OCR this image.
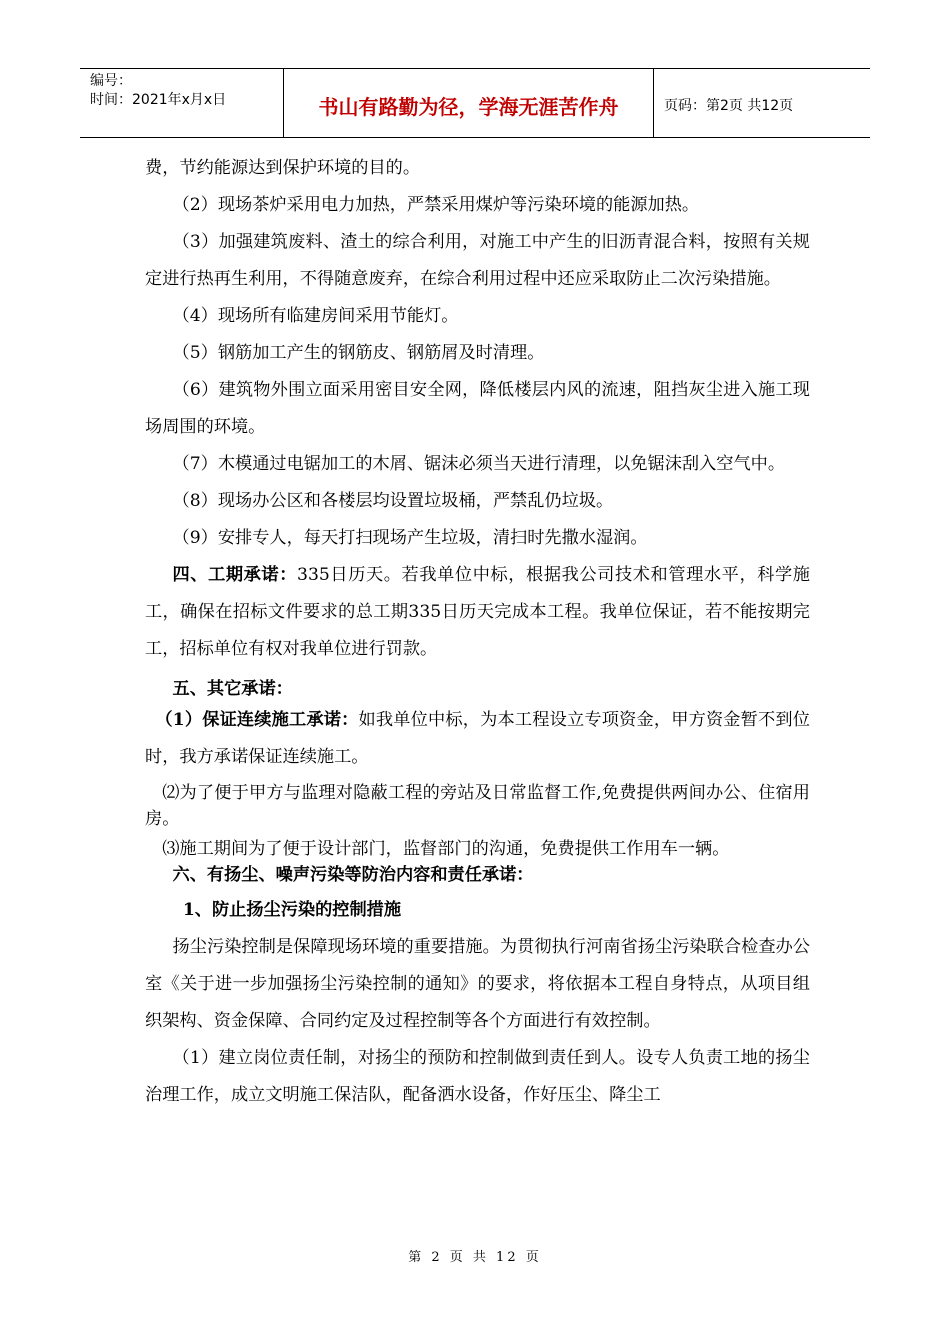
编号：
时间：2021年x月x日	书山有路勤为径，学海无涯苦作舟	页码：第2页 共12页

费，节约能源达到保护环境的目的。

（2）现场茶炉采用电力加热，严禁采用煤炉等污染环境的能源加热。

（3）加强建筑废料、渣土的综合利用，对施工中产生的旧沥青混合料，按照有关规定进行热再生利用，不得随意废弃，在综合利用过程中还应采取防止二次污染措施。

（4）现场所有临建房间采用节能灯。

（5）钢筋加工产生的钢筋皮、钢筋屑及时清理。

（6）建筑物外围立面采用密目安全网，降低楼层内风的流速，阻挡灰尘进入施工现场周围的环境。

（7）木模通过电锯加工的木屑、锯沫必须当天进行清理，以免锯沫刮入空气中。

（8）现场办公区和各楼层均设置垃圾桶，严禁乱仍垃圾。

（9）安排专人，每天打扫现场产生垃圾，清扫时先撒水湿润。

四、工期承诺：335日历天。若我单位中标，根据我公司技术和管理水平，科学施工，确保在招标文件要求的总工期335日历天完成本工程。我单位保证，若不能按期完工，招标单位有权对我单位进行罚款。

五、其它承诺：

（1）保证连续施工承诺：如我单位中标，为本工程设立专项资金，甲方资金暂不到位时，我方承诺保证连续施工。

⑵为了便于甲方与监理对隐蔽工程的旁站及日常监督工作,免费提供两间办公、住宿用房。

⑶施工期间为了便于设计部门，监督部门的沟通，免费提供工作用车一辆。

六、有扬尘、噪声污染等防治内容和责任承诺：

1、防止扬尘污染的控制措施

扬尘污染控制是保障现场环境的重要措施。为贯彻执行河南省扬尘污染联合检查办公室《关于进一步加强扬尘污染控制的通知》的要求，将依据本工程自身特点，从项目组织架构、资金保障、合同约定及过程控制等各个方面进行有效控制。

（1）建立岗位责任制，对扬尘的预防和控制做到责任到人。设专人负责工地的扬尘治理工作，成立文明施工保洁队，配备洒水设备，作好压尘、降尘工

第 2 页 共 12 页
